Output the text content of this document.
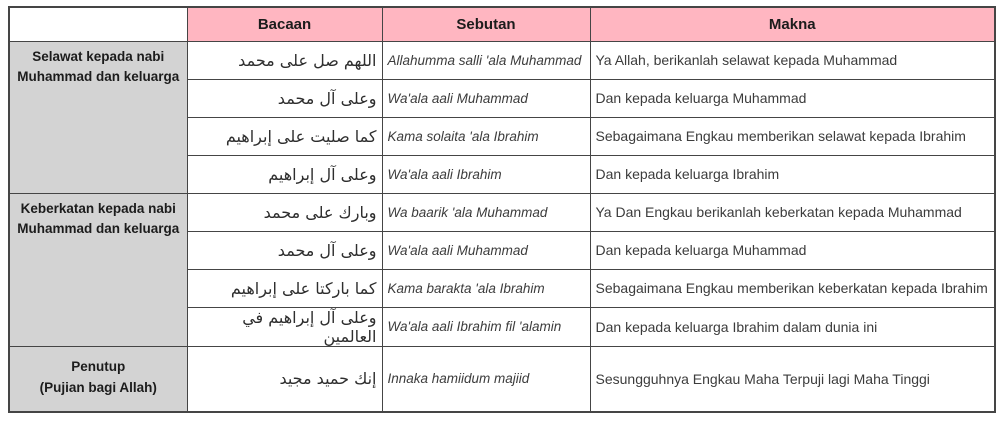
	Bacaan	Sebutan	Makna

Selawat kepada nabi
Muhammad dan keluarga	اللهم صل على محمد	Allahumma salli 'ala Muhammad	Ya Allah, berikanlah selawat kepada Muhammad
	وعلى آل محمد	Wa'ala aali Muhammad	Dan kepada keluarga Muhammad
	كما صليت على إبراهيم	Kama solaita 'ala Ibrahim	Sebagaimana Engkau memberikan selawat kepada Ibrahim
	وعلى آل إبراهيم	Wa'ala aali Ibrahim	Dan kepada keluarga Ibrahim

Keberkatan kepada nabi
Muhammad dan keluarga	وبارك على محمد	Wa baarik 'ala Muhammad	Ya Dan Engkau berikanlah keberkatan kepada Muhammad
	وعلى آل محمد	Wa'ala aali Muhammad	Dan kepada keluarga Muhammad
	كما باركتا على إبراهيم	Kama barakta 'ala Ibrahim	Sebagaimana Engkau memberikan keberkatan kepada Ibrahim
	وعلى آل إبراهيم في العالمين	Wa'ala aali Ibrahim fil 'alamin	Dan kepada keluarga Ibrahim dalam dunia ini

Penutup
(Pujian bagi Allah)	إنك حميد مجيد	Innaka hamiidum majiid	Sesungguhnya Engkau Maha Terpuji lagi Maha Tinggi
